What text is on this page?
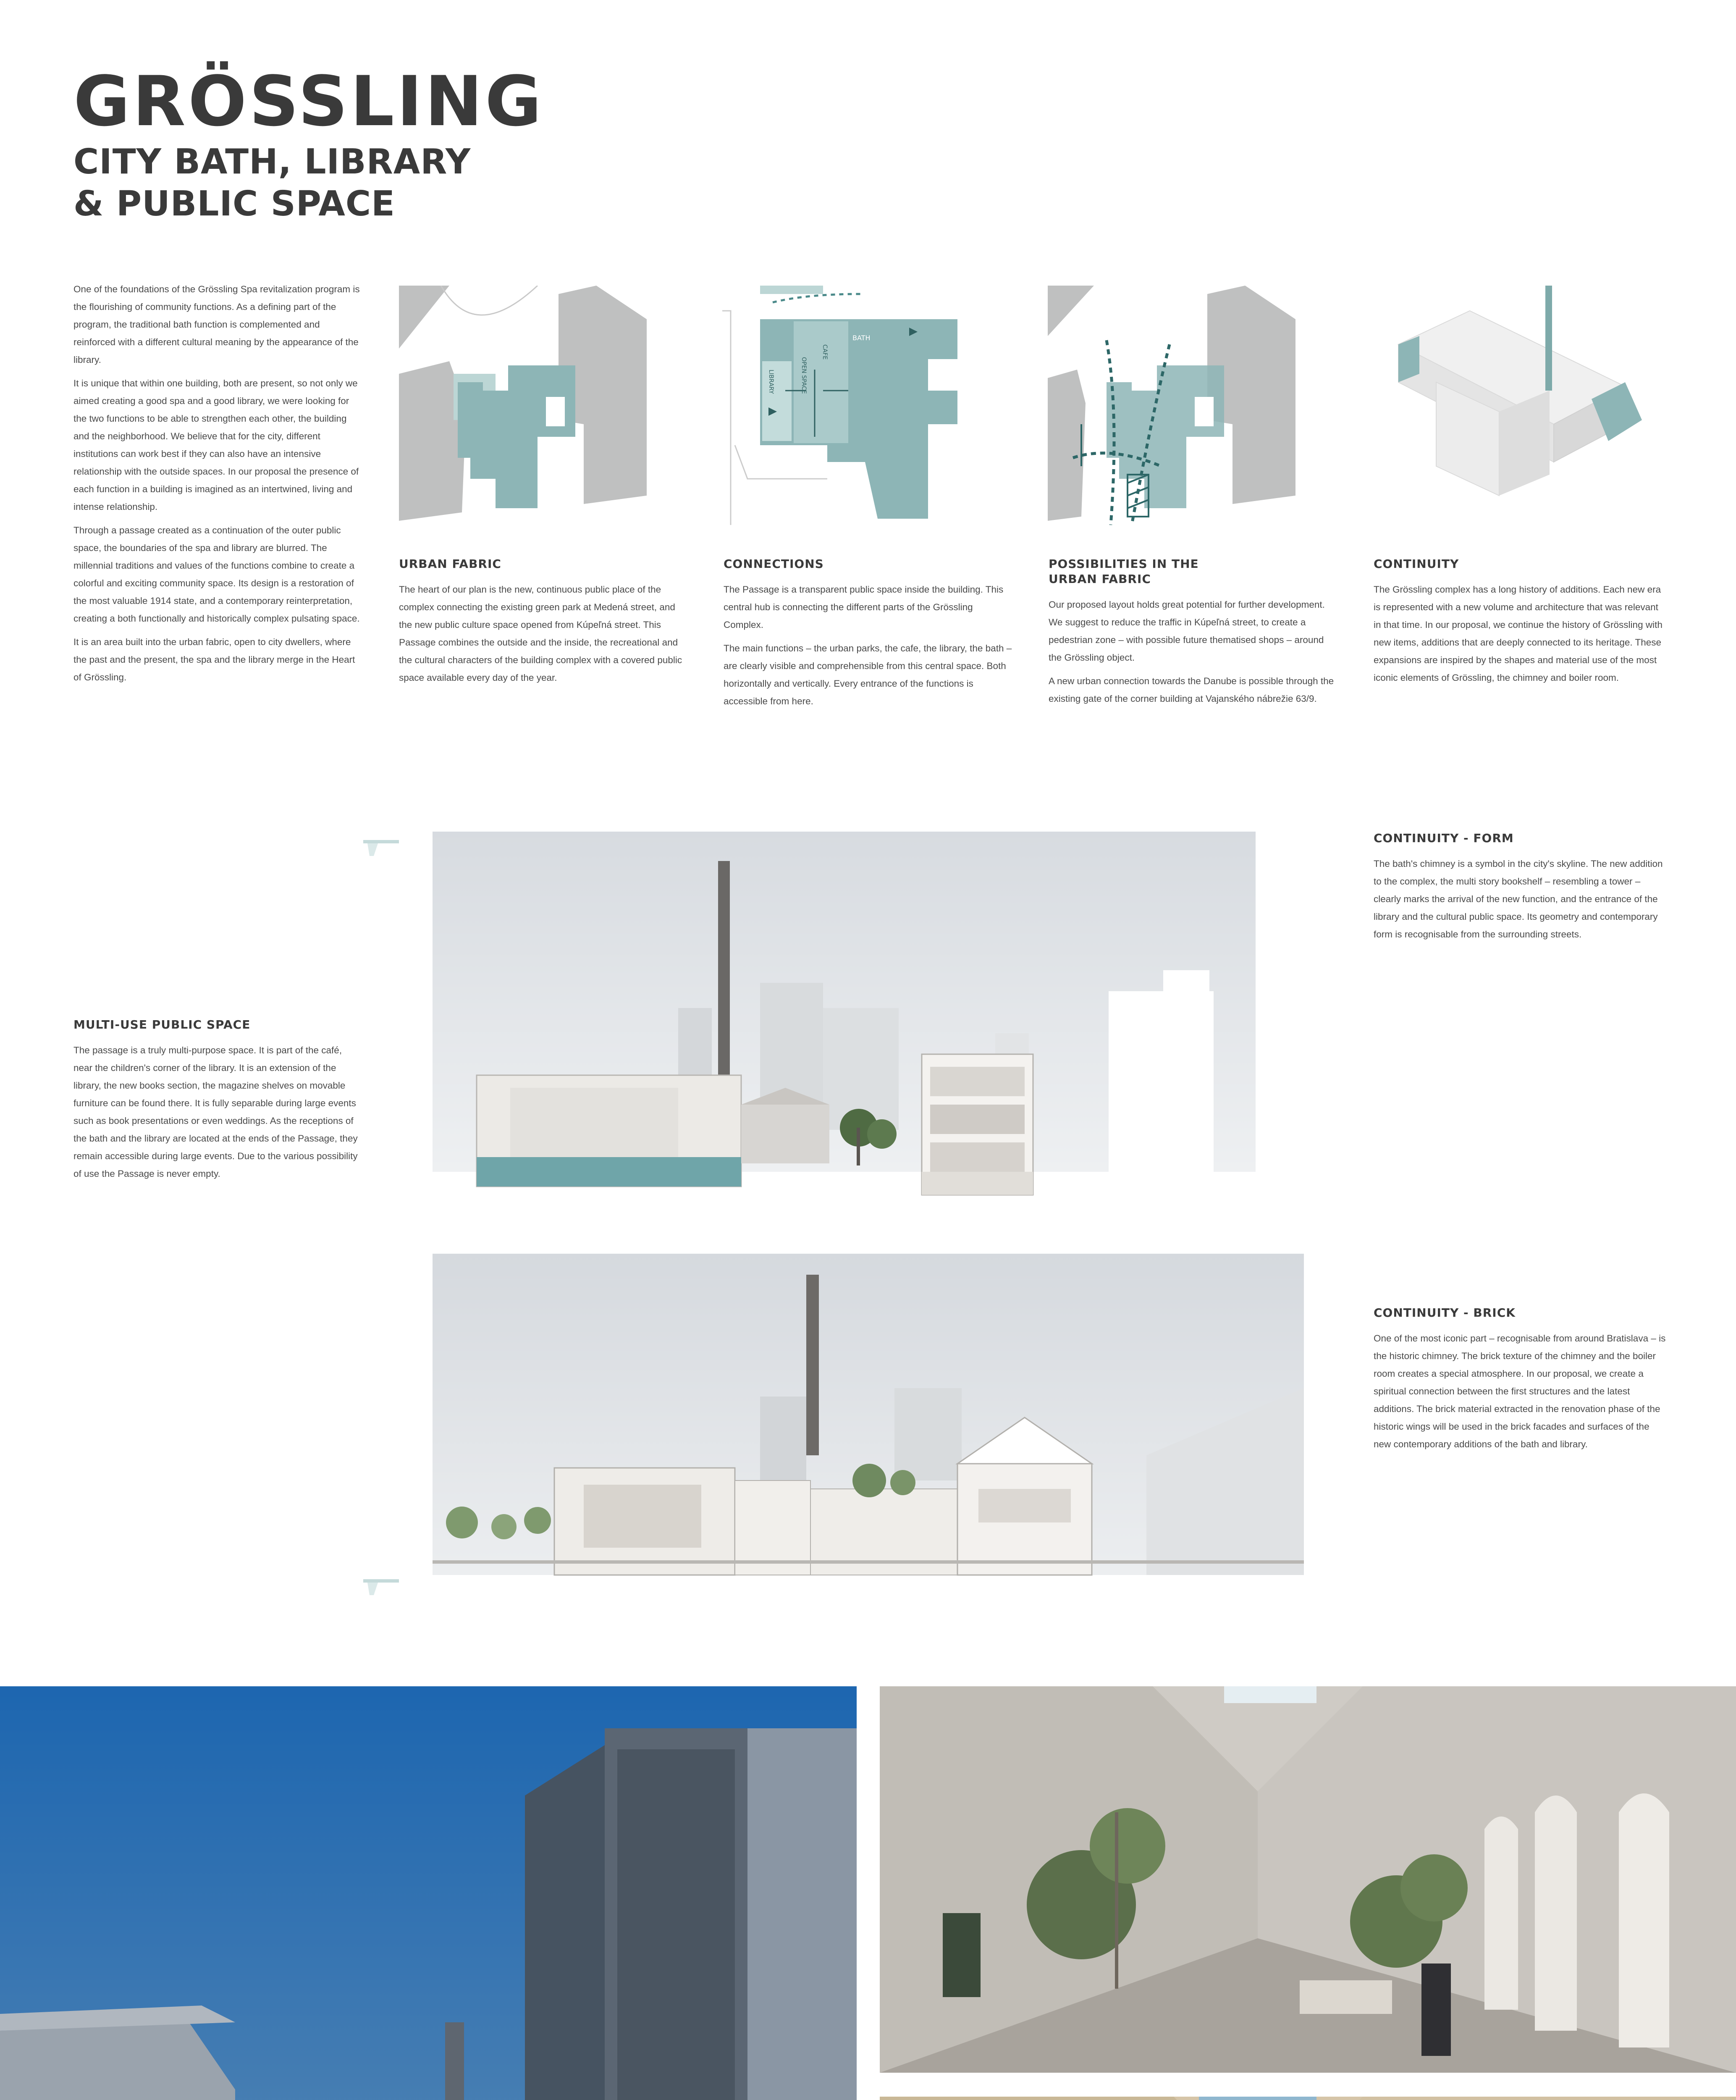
GRÖSSLING
CITY BATH, LIBRARY
& PUBLIC SPACE

One of the foundations of the Grössling Spa revitalization program is the flourishing of community functions. As a defining part of the program, the traditional bath function is complemented and reinforced with a different cultural meaning by the appearance of the library.

It is unique that within one building, both are present, so not only we aimed creating a good spa and a good library, we were looking for the two functions to be able to strengthen each other, the building and the neighborhood. We believe that for the city, different institutions can work best if they can also have an intensive relationship with the outside spaces. In our proposal the presence of each function in a building is imagined as an intertwined, living and intense relationship.

Through a passage created as a continuation of the outer public space, the boundaries of the spa and library are blurred. The millennial traditions and values of the functions combine to create a colorful and exciting community space. Its design is a restoration of the most valuable 1914 state, and a contemporary reinterpretation, creating a both functionally and historically complex pulsating space.

It is an area built into the urban fabric, open to city dwellers, where the past and the present, the spa and the library merge in the Heart of Grössling.

BATH
CAFE
LIBRARY	OPEN SPACE
URBAN FABRIC

The heart of our plan is the new, continuous public place of the complex connecting the existing green park at Medená street, and the new public culture space opened from Kúpeľná street. This Passage combines the outside and the inside, the recreational and the cultural characters of the building complex with a covered public space available every day of the year.

CONNECTIONS

The Passage is a transparent public space inside the building. This central hub is connecting the different parts of the Grössling Complex.

The main functions – the urban parks, the cafe, the library, the bath – are clearly visible and comprehensible from this central space. Both horizontally and vertically. Every entrance of the functions is accessible from here.

POSSIBILITIES IN THE URBAN FABRIC

Our proposed layout holds great potential for further development. We suggest to reduce the traffic in Kúpeľná street, to create a pedestrian zone – with possible future thematised shops – around the Grössling object.

A new urban connection towards the Danube is possible through the existing gate of the corner building at Vajanského nábrežie 63/9.

CONTINUITY

The Grössling complex has a long history of additions. Each new era is represented with a new volume and architecture that was relevant in that time. In our proposal, we continue the history of Grössling with new items, additions that are deeply connected to its heritage. These expansions are inspired by the shapes and material use of the most iconic elements of Grössling, the chimney and boiler room.

CONTINUITY - FORM

The bath's chimney is a symbol in the city's skyline. The new addition to the complex, the multi story bookshelf – resembling a tower – clearly marks the arrival of the new function, and the entrance of the library and the cultural public space. Its geometry and contemporary form is recognisable from the surrounding streets.

MULTI-USE PUBLIC SPACE

The passage is a truly multi-purpose space. It is part of the café, near the children's corner of the library. It is an extension of the library, the new books section, the magazine shelves on movable furniture can be found there. It is fully separable during large events such as book presentations or even weddings. As the receptions of the bath and the library are located at the ends of the Passage, they remain accessible during large events. Due to the various possibility of use the Passage is never empty.

CONTINUITY - BRICK

One of the most iconic part – recognisable from around Bratislava – is the historic chimney. The brick texture of the chimney and the boiler room creates a special atmosphere. In our proposal, we create a spiritual connection between the first structures and the latest additions. The brick material extracted in the renovation phase of the historic wings will be used in the brick facades and surfaces of the new contemporary additions of the bath and library.
